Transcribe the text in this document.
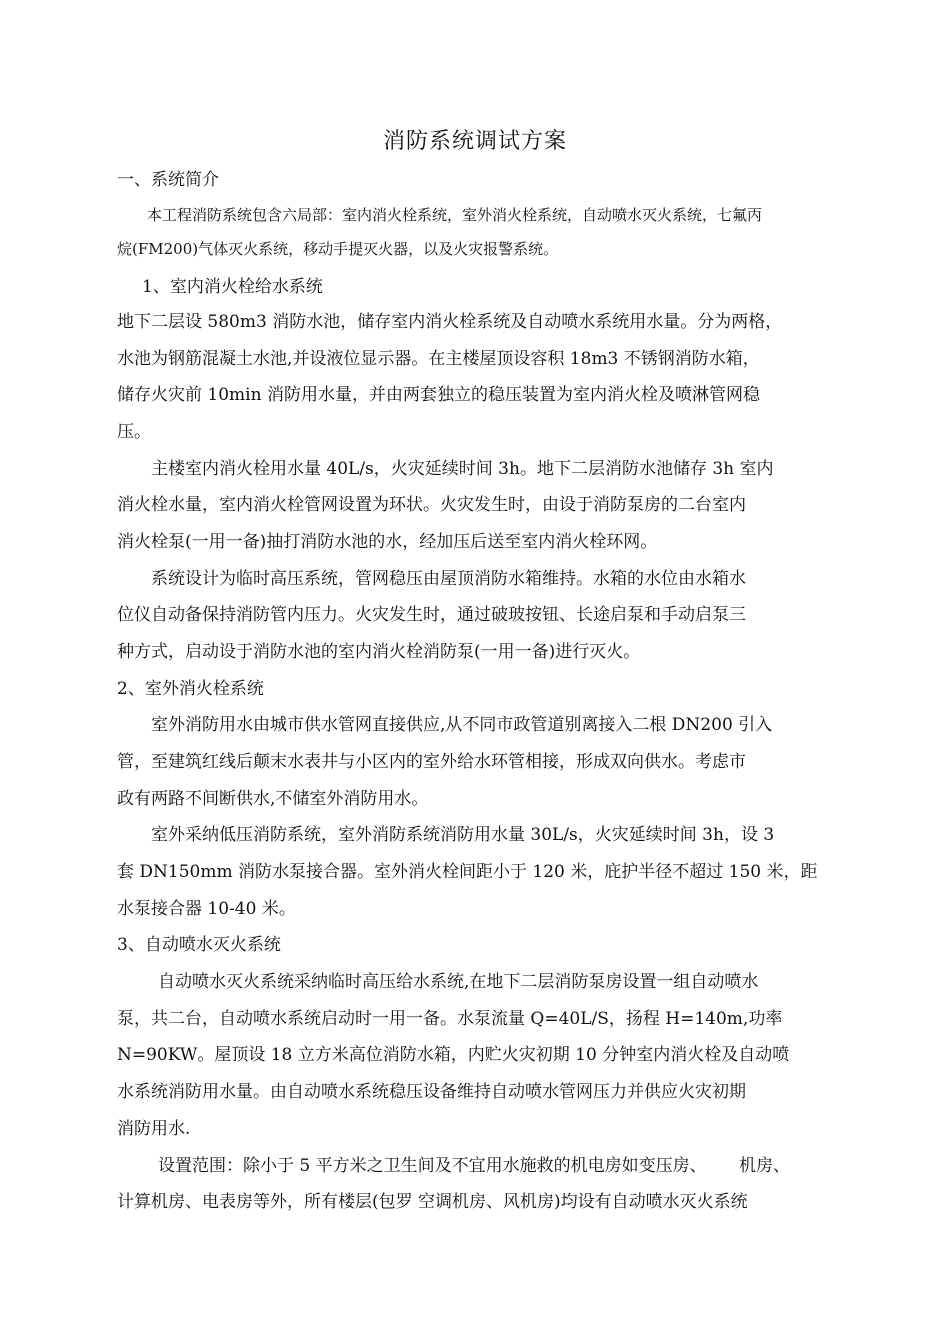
消防系统调试方案
一、系统简介
本工程消防系统包含六局部：室内消火栓系统，室外消火栓系统，自动喷水灭火系统，七氟丙
烷(FM200)气体灭火系统，移动手提灭火器，以及火灾报警系统。
1、室内消火栓给水系统
地下二层设 580m3 消防水池，储存室内消火栓系统及自动喷水系统用水量。分为两格，
水池为钢筋混凝土水池,并设液位显示器。在主楼屋顶设容积 18m3 不锈钢消防水箱，
储存火灾前 10min 消防用水量，并由两套独立的稳压装置为室内消火栓及喷淋管网稳
压。
主楼室内消火栓用水量 40L/s，火灾延续时间 3h。地下二层消防水池储存 3h 室内
消火栓水量，室内消火栓管网设置为环状。火灾发生时，由设于消防泵房的二台室内
消火栓泵(一用一备)抽打消防水池的水，经加压后送至室内消火栓环网。
系统设计为临时高压系统，管网稳压由屋顶消防水箱维持。水箱的水位由水箱水
位仪自动备保持消防管内压力。火灾发生时，通过破玻按钮、长途启泵和手动启泵三
种方式，启动设于消防水池的室内消火栓消防泵(一用一备)进行灭火。
2、室外消火栓系统
室外消防用水由城市供水管网直接供应,从不同市政管道别离接入二根 DN200 引入
管，至建筑红线后颠末水表井与小区内的室外给水环管相接，形成双向供水。考虑市
政有两路不间断供水,不储室外消防用水。
室外采纳低压消防系统，室外消防系统消防用水量 30L/s，火灾延续时间 3h，设 3
套 DN150mm 消防水泵接合器。室外消火栓间距小于 120 米，庇护半径不超过 150 米，距
水泵接合器 10-40 米。
3、自动喷水灭火系统
自动喷水灭火系统采纳临时高压给水系统,在地下二层消防泵房设置一组自动喷水
泵，共二台，自动喷水系统启动时一用一备。水泵流量 Q=40L/S，扬程 H=140m,功率
N=90KW。屋顶设 18 立方米高位消防水箱，内贮火灾初期 10 分钟室内消火栓及自动喷
水系统消防用水量。由自动喷水系统稳压设备维持自动喷水管网压力并供应火灾初期
消防用水.
设置范围：除小于 5 平方米之卫生间及不宜用水施救的机电房如变压房、      机房、
计算机房、电表房等外，所有楼层(包罗 空调机房、风机房)均设有自动喷水灭火系统
